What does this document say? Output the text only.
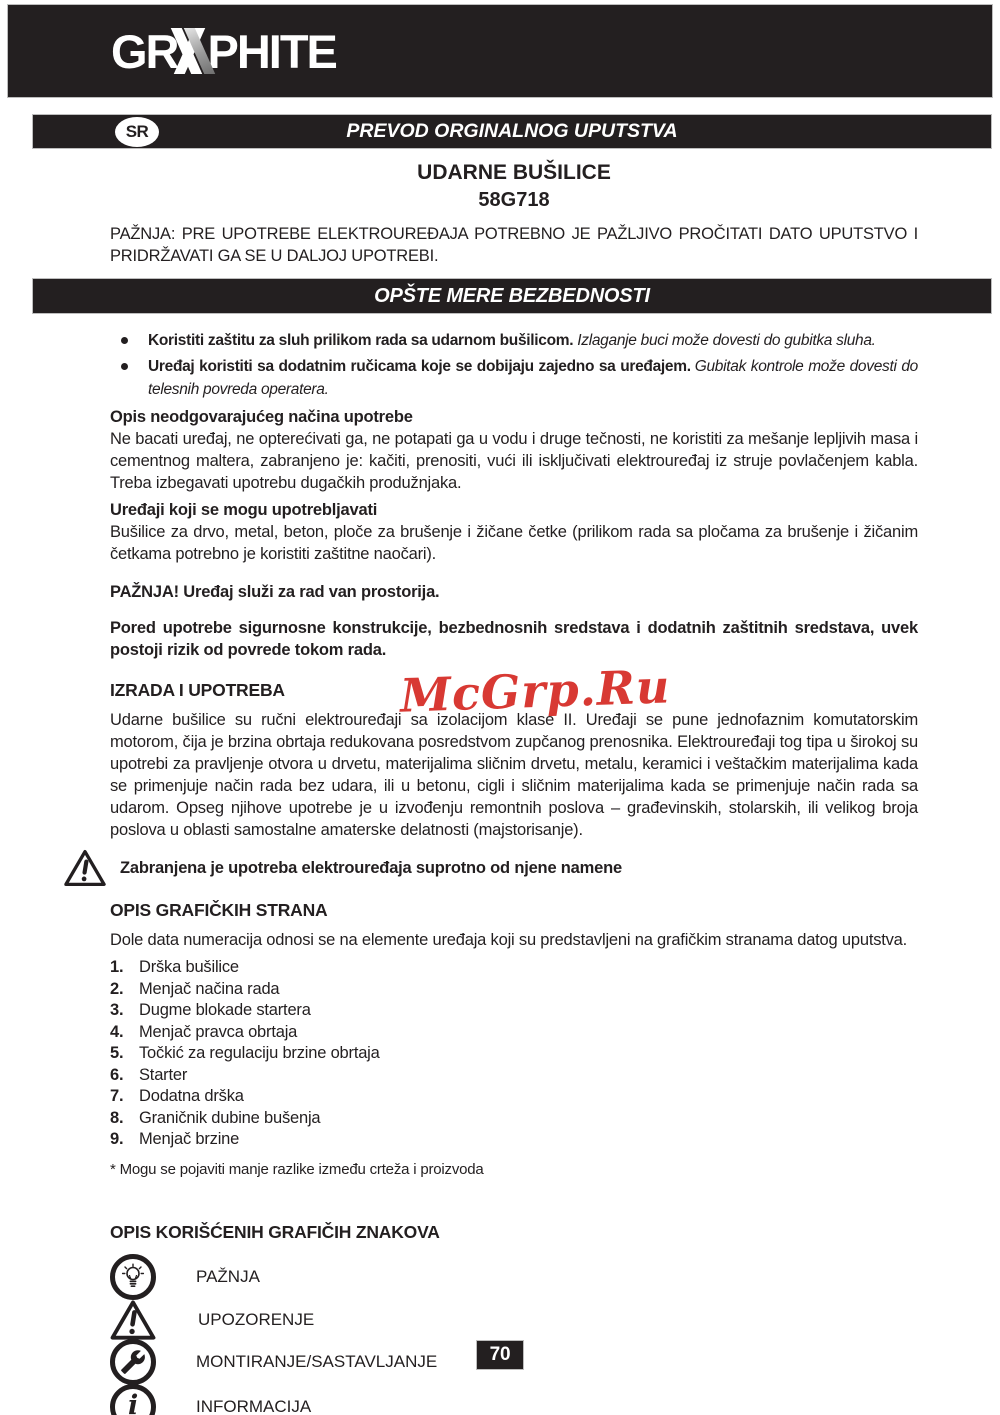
GR PHITE
SR	PREVOD ORGINALNOG UPUTSTVA
UDARNE BUŠILICE
58G718

PAŽNJA: PRE UPOTREBE ELEKTROUREĐAJA POTREBNO JE PAŽLJIVO PROČITATI DATO UPUTSTVO I PRIDRŽAVATI GA SE U DALJOJ UPOTREBI.

OPŠTE MERE BEZBEDNOSTI
Koristiti zaštitu za sluh prilikom rada sa udarnom bušilicom. Izlaganje buci može dovesti do gubitka sluha.
Uređaj koristiti sa dodatnim ručicama koje se dobijaju zajedno sa uređajem. Gubitak kontrole može dovesti do telesnih povreda operatera.
Opis neodgovarajućeg načina upotrebe

Ne bacati uređaj, ne opterećivati ga, ne potapati ga u vodu i druge tečnosti, ne koristiti za mešanje lepljivih masa i cementnog maltera, zabranjeno je: kačiti, prenositi, vući ili isključivati elektrouređaj iz struje povlačenjem kabla. Treba izbegavati upotrebu dugačkih produžnjaka.

Uređaji koji se mogu upotrebljavati

Bušilice za drvo, metal, beton, ploče za brušenje i žičane četke (prilikom rada sa pločama za brušenje i žičanim četkama potrebno je koristiti zaštitne naočari).

PAŽNJA! Uređaj služi za rad van prostorija.

Pored upotrebe sigurnosne konstrukcije, bezbednosnih sredstava i dodatnih zaštitnih sredstava, uvek postoji rizik od povrede tokom rada.

IZRADA I UPOTREBA

Udarne bušilice su ručni elektrouređaji sa izolacijom klase II. Uređaji se pune jednofaznim komutatorskim motorom, čija je brzina obrtaja redukovana posredstvom zupčanog prenosnika. Elektrouređaji tog tipa u širokoj su upotrebi za pravljenje otvora u drvetu, materijalima sličnim drvetu, metalu, keramici i veštačkim materijalima kada se primenjuje način rada bez udara, ili u betonu, cigli i sličnim materijalima kada se primenjuje način rada sa udarom. Opseg njihove upotrebe je u izvođenju remontnih poslova – građevinskih, stolarskih, ili velikog broja poslova u oblasti samostalne amaterske delatnosti (majstorisanje).

Zabranjena je upotreba elektrouređaja suprotno od njene namene
OPIS GRAFIČKIH STRANA

Dole data numeracija odnosi se na elemente uređaja koji su predstavljeni na grafičkim stranama datog uputstva.

1. Drška bušilice
2. Menjač načina rada
3. Dugme blokade startera
4. Menjač pravca obrtaja
5. Točkić za regulaciju brzine obrtaja
6. Starter
7. Dodatna drška
8. Graničnik dubine bušenja
9. Menjač brzine

* Mogu se pojaviti manje razlike između crteža i proizvoda

OPIS KORIŠĆENIH GRAFIČIH ZNAKOVA
PAŽNJA
UPOZORENJE
MONTIRANJE/SASTAVLJANJE
i	INFORMACIJA
McGrp.Ru
70
